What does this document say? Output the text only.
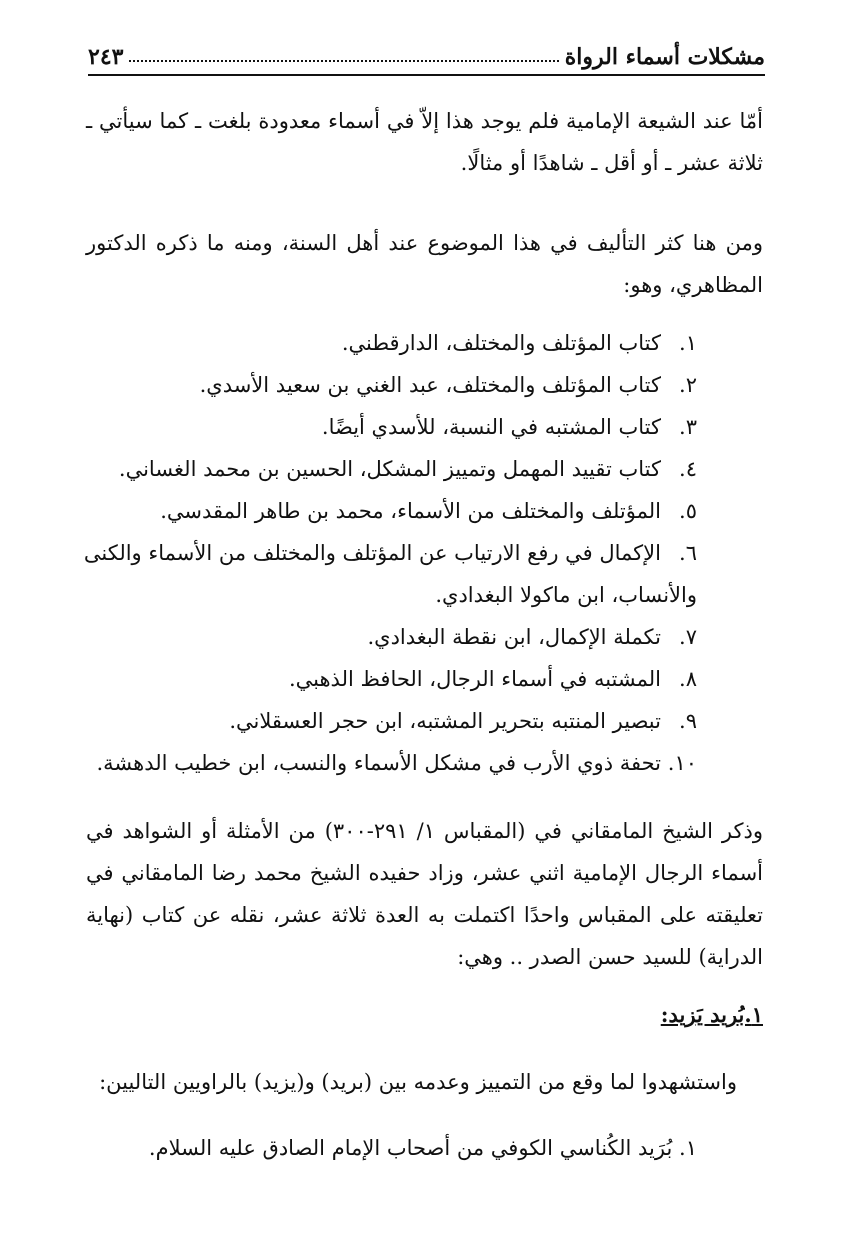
مشكلات أسماء الرواة
٢٤٣

أمّا عند الشيعة الإمامية فلم يوجد هذا إلاّ في أسماء معدودة بلغت ـ كما سيأتي ـ ثلاثة عشر ـ أو أقل ـ شاهدًا أو مثالًا.

ومن هنا كثر التأليف في هذا الموضوع عند أهل السنة، ومنه ما ذكره الدكتور المظاهري، وهو:

١.كتاب المؤتلف والمختلف، الدارقطني.
٢.كتاب المؤتلف والمختلف، عبد الغني بن سعيد الأسدي.
٣.كتاب المشتبه في النسبة، للأسدي أيضًا.
٤.كتاب تقييد المهمل وتمييز المشكل، الحسين بن محمد الغساني.
٥.المؤتلف والمختلف من الأسماء، محمد بن طاهر المقدسي.
٦.الإكمال في رفع الارتياب عن المؤتلف والمختلف من الأسماء والكنى والأنساب، ابن ماكولا البغدادي.
٧.تكملة الإكمال، ابن نقطة البغدادي.
٨.المشتبه في أسماء الرجال، الحافظ الذهبي.
٩.تبصير المنتبه بتحرير المشتبه، ابن حجر العسقلاني.
١٠.تحفة ذوي الأرب في مشكل الأسماء والنسب، ابن خطيب الدهشة.

وذكر الشيخ المامقاني في (المقباس ١/ ٢٩١-٣٠٠) من الأمثلة أو الشواهد في أسماء الرجال الإمامية اثني عشر، وزاد حفيده الشيخ محمد رضا المامقاني في تعليقته على المقباس واحدًا اكتملت به العدة ثلاثة عشر، نقله عن كتاب (نهاية الدراية) للسيد حسن الصدر .. وهي:

١.بُريد يَزيد:

واستشهدوا لما وقع من التمييز وعدمه بين (بريد) و(يزيد) بالراويين التاليين:

١. بُرَيد الكُناسي الكوفي من أصحاب الإمام الصادق عليه السلام.
